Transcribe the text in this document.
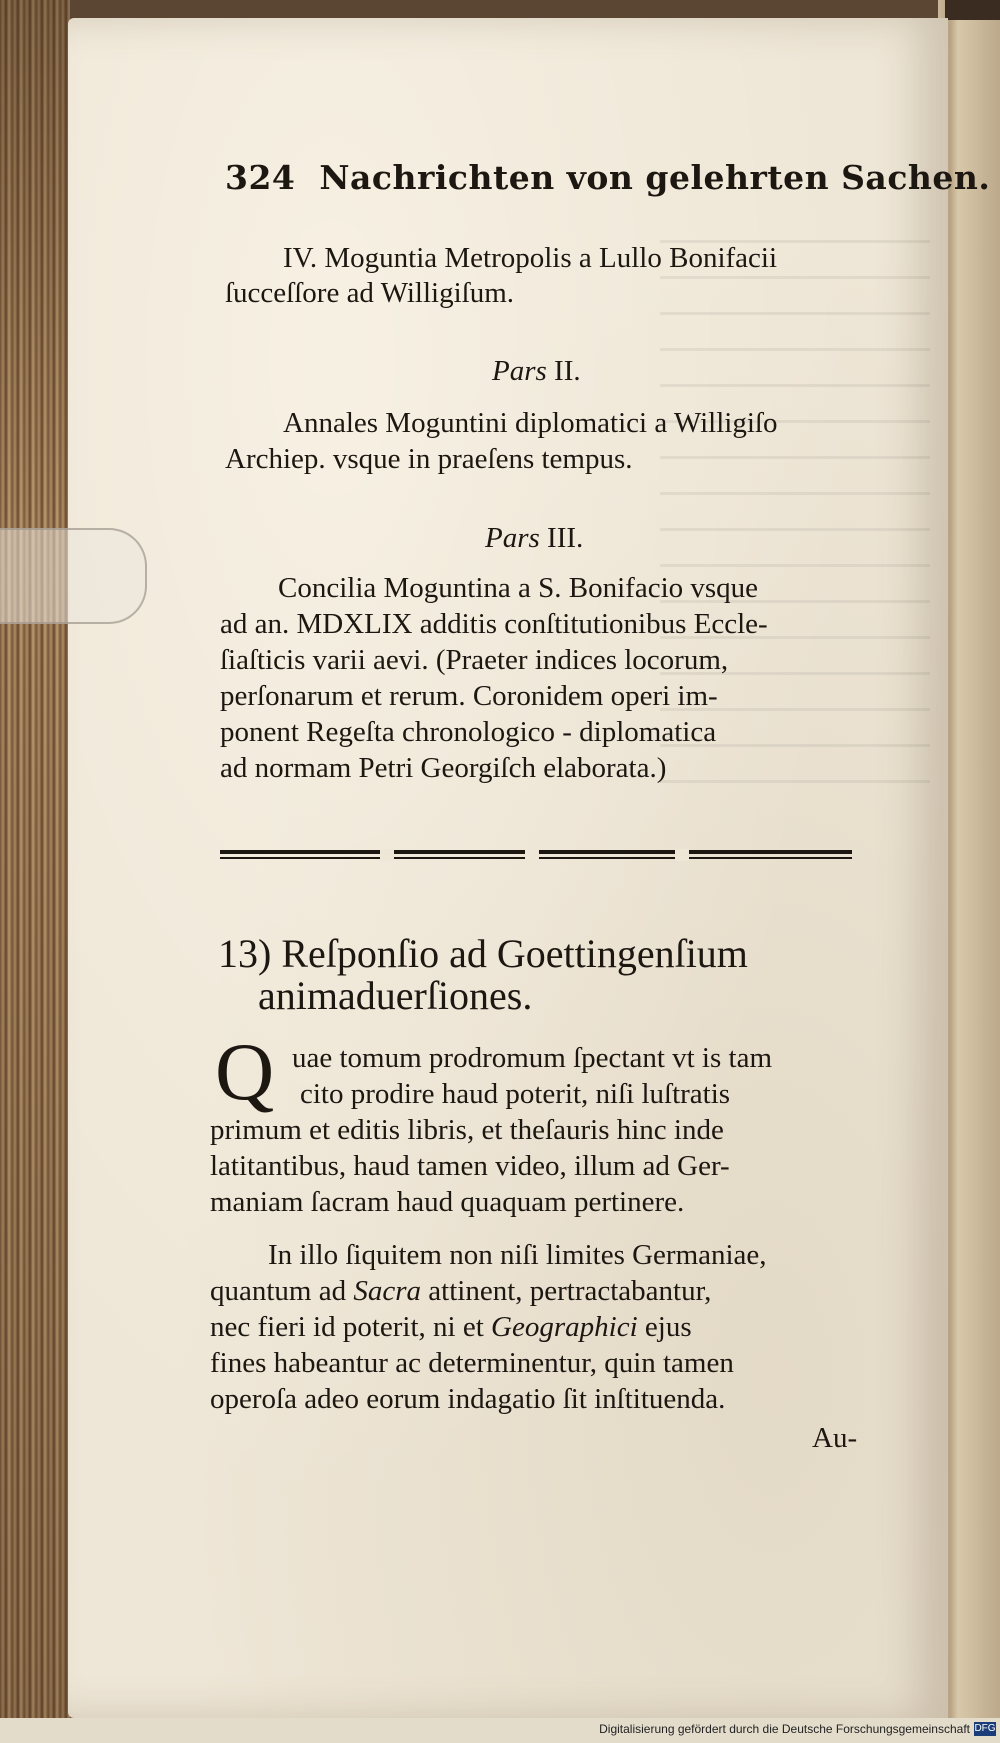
324 Nachrichten von gelehrten Sachen.
IV. Moguntia Metropolis a Lullo Bonifacii
ſucceſſore ad Willigiſum.
Pars II.
Annales Moguntini diplomatici a Willigiſo
Archiep. vsque in praeſens tempus.
Pars III.
Concilia Moguntina a S. Bonifacio vsque
ad an. MDXLIX additis conſtitutionibus Eccle-
ſiaſticis varii aevi. (Praeter indices locorum,
perſonarum et rerum. Coronidem operi im-
ponent Regeſta chronologico - diplomatica
ad normam Petri Georgiſch elaborata.)
13) Reſponſio ad Goettingenſium
animaduerſiones.
Q uae tomum prodromum ſpectant vt is tam
cito prodire haud poterit, niſi luſtratis
primum et editis libris, et theſauris hinc inde
latitantibus, haud tamen video, illum ad Ger-
maniam ſacram haud quaquam pertinere.
In illo ſiquitem non niſi limites Germaniae,
quantum ad Sacra attinent, pertractabantur,
nec fieri id poterit, ni et Geographici ejus
fines habeantur ac determinentur, quin tamen
operoſa adeo eorum indagatio ſit inſtituenda.
Au-
Digitalisierung gefördert durch die Deutsche Forschungsgemeinschaft DFG
